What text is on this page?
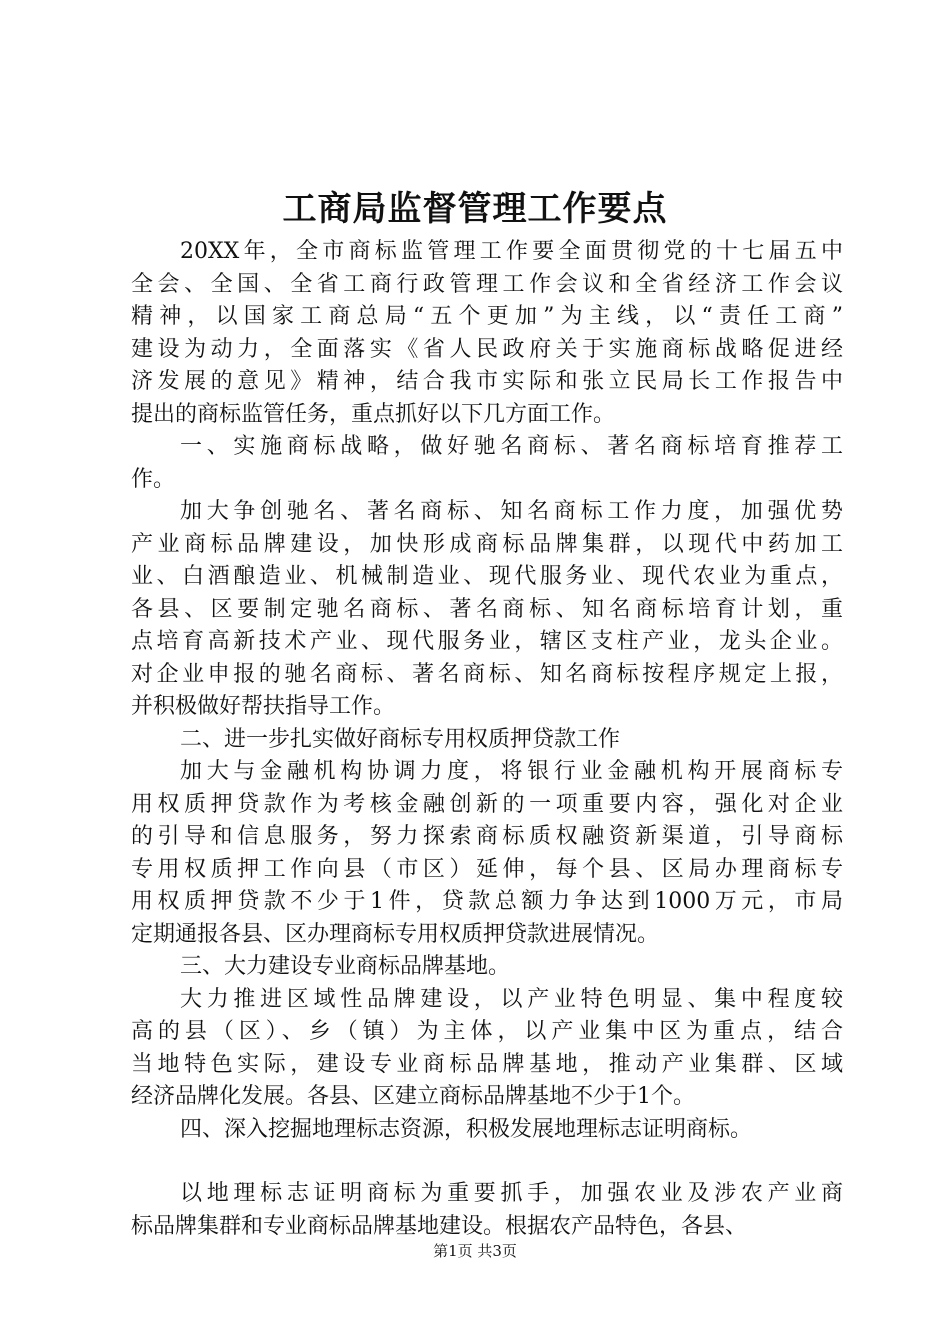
工商局监督管理工作要点
20XX年，全市商标监管理工作要全面贯彻党的十七届五中
全会、全国、全省工商行政管理工作会议和全省经济工作会议
精神，以国家工商总局“五个更加”为主线，以“责任工商”
建设为动力，全面落实《省人民政府关于实施商标战略促进经
济发展的意见》精神，结合我市实际和张立民局长工作报告中
提出的商标监管任务，重点抓好以下几方面工作。
一、实施商标战略，做好驰名商标、著名商标培育推荐工
作。
加大争创驰名、著名商标、知名商标工作力度，加强优势
产业商标品牌建设，加快形成商标品牌集群，以现代中药加工
业、白酒酿造业、机械制造业、现代服务业、现代农业为重点，
各县、区要制定驰名商标、著名商标、知名商标培育计划，重
点培育高新技术产业、现代服务业，辖区支柱产业，龙头企业。
对企业申报的驰名商标、著名商标、知名商标按程序规定上报，
并积极做好帮扶指导工作。
二、进一步扎实做好商标专用权质押贷款工作
加大与金融机构协调力度，将银行业金融机构开展商标专
用权质押贷款作为考核金融创新的一项重要内容，强化对企业
的引导和信息服务，努力探索商标质权融资新渠道，引导商标
专用权质押工作向县（市区）延伸，每个县、区局办理商标专
用权质押贷款不少于1件，贷款总额力争达到1000万元，市局
定期通报各县、区办理商标专用权质押贷款进展情况。
三、大力建设专业商标品牌基地。
大力推进区域性品牌建设，以产业特色明显、集中程度较
高的县（区）、乡（镇）为主体，以产业集中区为重点，结合
当地特色实际，建设专业商标品牌基地，推动产业集群、区域
经济品牌化发展。各县、区建立商标品牌基地不少于1个。
四、深入挖掘地理标志资源，积极发展地理标志证明商标。
以地理标志证明商标为重要抓手，加强农业及涉农产业商
标品牌集群和专业商标品牌基地建设。根据农产品特色，各县、
第1页 共3页
